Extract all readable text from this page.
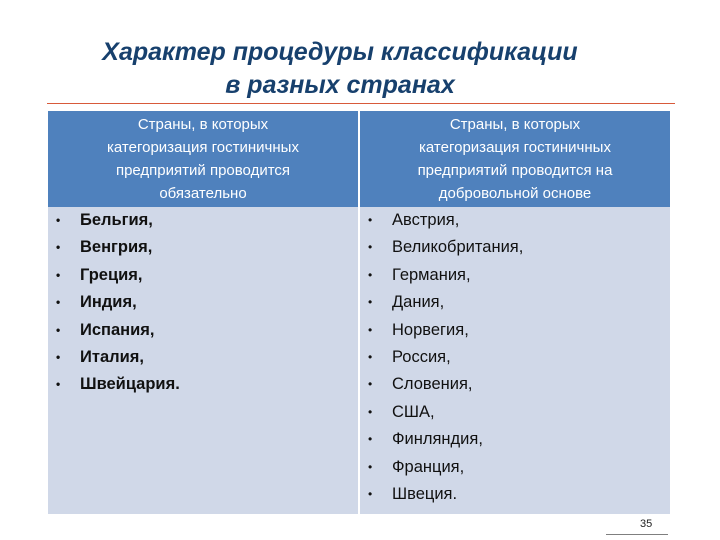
Характер процедуры классификации
в разных странах
Страны, в которых
категоризация гостиничных
предприятий проводится
обязательно
• Бельгия,
• Венгрия,
• Греция,
• Индия,
• Испания,
• Италия,
• Швейцария.
Страны, в которых
категоризация гостиничных
предприятий проводится на
добровольной основе
• Австрия,
• Великобритания,
• Германия,
• Дания,
• Норвегия,
• Россия,
• Словения,
• США,
• Финляндия,
• Франция,
• Швеция.
35
